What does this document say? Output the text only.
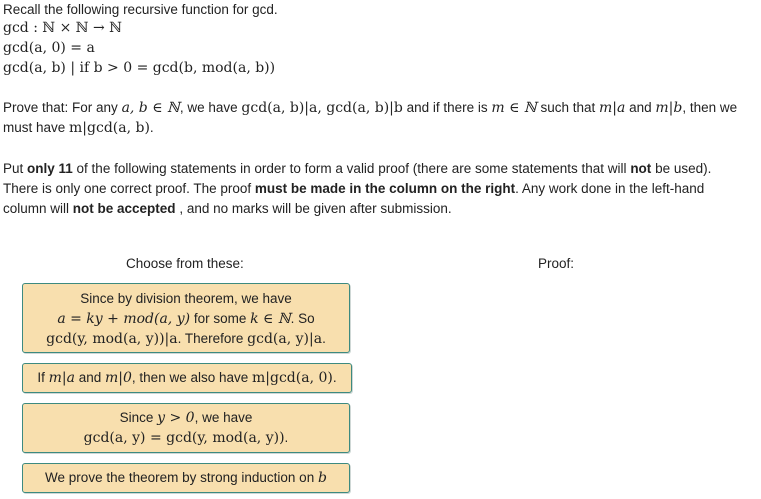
Recall the following recursive function for gcd.
gcd : ℕ × ℕ → ℕ
gcd(a, 0) = a
gcd(a, b) | if b > 0 = gcd(b, mod(a, b))
Prove that: For any a, b ∈ ℕ, we have gcd(a, b)|a, gcd(a, b)|b and if there is m ∈ ℕ such that m|a and m|b, then we
must have m|gcd(a, b).
Put only 11 of the following statements in order to form a valid proof (there are some statements that will not be used).
There is only one correct proof. The proof must be made in the column on the right. Any work done in the left-hand
column will not be accepted , and no marks will be given after submission.
Choose from these:	Proof:
Since by division theorem, we have
a = ky + mod(a, y) for some k ∈ ℕ. So
gcd(y, mod(a, y))|a. Therefore gcd(a, y)|a.
If m|a and m|0, then we also have m|gcd(a, 0).
Since y > 0, we have
gcd(a, y) = gcd(y, mod(a, y)).
We prove the theorem by strong induction on b
